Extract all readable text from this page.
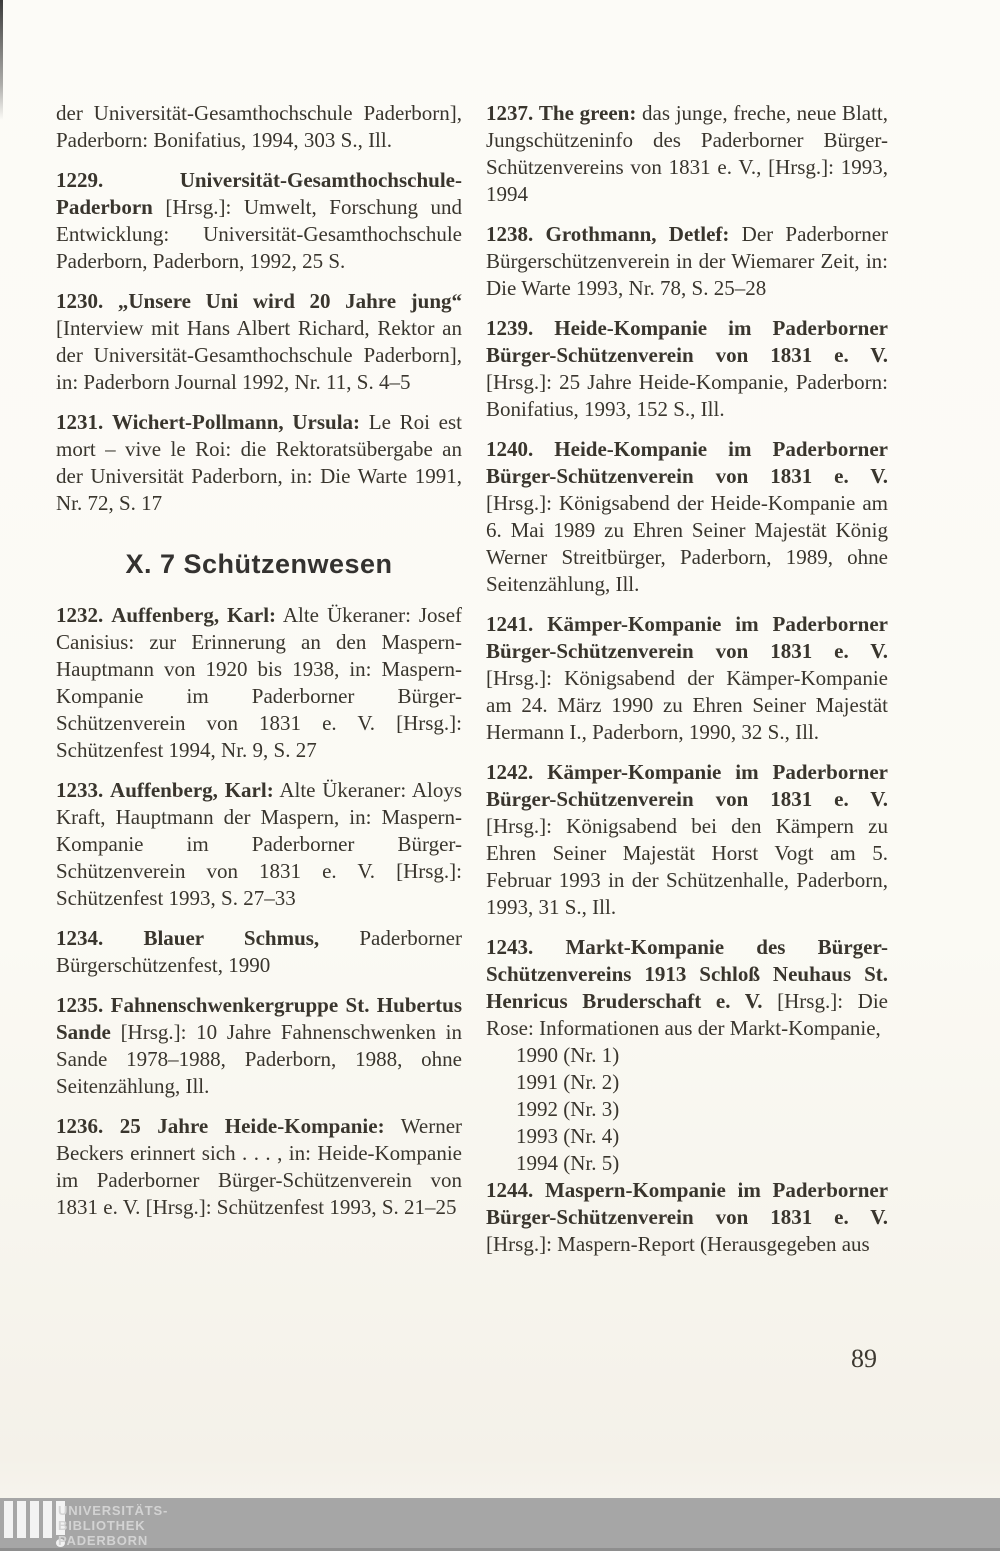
der Universität-Gesamthochschule Paderborn], Paderborn: Bonifatius, 1994, 303 S., Ill.

1229.	Universität-Gesamthochschule-Paderborn [Hrsg.]: Umwelt, Forschung und Entwicklung: Universität-Gesamthochschule Paderborn, Paderborn, 1992, 25 S.

1230. „Unsere Uni wird 20 Jahre jung“ [Interview mit Hans Albert Richard, Rektor an der Universität-Gesamthochschule Paderborn], in: Paderborn Journal 1992, Nr. 11, S. 4–5

1231. Wichert-Pollmann, Ursula: Le Roi est mort – vive le Roi: die Rektoratsübergabe an der Universität Paderborn, in: Die Warte 1991, Nr. 72, S. 17

X. 7 Schützenwesen

1232. Auffenberg, Karl: Alte Ükeraner: Josef Canisius: zur Erinnerung an den Maspern-Hauptmann von 1920 bis 1938, in: Maspern-Kompanie im Paderborner Bürger-Schützenverein von 1831 e. V. [Hrsg.]: Schützenfest 1994, Nr. 9, S. 27

1233. Auffenberg, Karl: Alte Ükeraner: Aloys Kraft, Hauptmann der Maspern, in: Maspern-Kompanie im Paderborner Bürger-Schützenverein von 1831 e. V. [Hrsg.]: Schützenfest 1993, S. 27–33

1234. Blauer Schmus, Paderborner Bürgerschützenfest, 1990

1235. Fahnenschwenkergruppe St. Hubertus Sande [Hrsg.]: 10 Jahre Fahnenschwenken in Sande 1978–1988, Paderborn, 1988, ohne Seitenzählung, Ill.

1236. 25 Jahre Heide-Kompanie: Werner Beckers erinnert sich . . . , in: Heide-Kompanie im Paderborner Bürger-Schützenverein von 1831 e. V. [Hrsg.]: Schützenfest 1993, S. 21–25

1237. The green: das junge, freche, neue Blatt, Jungschützeninfo des Paderborner Bürger-Schützenvereins von 1831 e. V., [Hrsg.]: 1993, 1994

1238. Grothmann, Detlef: Der Paderborner Bürgerschützenverein in der Wiemarer Zeit, in: Die Warte 1993, Nr. 78, S. 25–28

1239. Heide-Kompanie im Paderborner Bürger-Schützenverein von 1831 e. V. [Hrsg.]: 25 Jahre Heide-Kompanie, Paderborn: Bonifatius, 1993, 152 S., Ill.

1240. Heide-Kompanie im Paderborner Bürger-Schützenverein von 1831 e. V. [Hrsg.]: Königsabend der Heide-Kompanie am 6. Mai 1989 zu Ehren Seiner Majestät König Werner Streitbürger, Paderborn, 1989, ohne Seitenzählung, Ill.

1241. Kämper-Kompanie im Paderborner Bürger-Schützenverein von 1831 e. V. [Hrsg.]: Königsabend der Kämper-Kompanie am 24. März 1990 zu Ehren Seiner Majestät Hermann I., Paderborn, 1990, 32 S., Ill.

1242. Kämper-Kompanie im Paderborner Bürger-Schützenverein von 1831 e. V. [Hrsg.]: Königsabend bei den Kämpern zu Ehren Seiner Majestät Horst Vogt am 5. Februar 1993 in der Schützenhalle, Paderborn, 1993, 31 S., Ill.

1243. Markt-Kompanie des Bürger-Schützenvereins 1913 Schloß Neuhaus St. Henricus Bruderschaft e. V. [Hrsg.]: Die Rose: Informationen aus der Markt-Kompanie,

1990 (Nr. 1)
1991 (Nr. 2)
1992 (Nr. 3)
1993 (Nr. 4)
1994 (Nr. 5)

1244. Maspern-Kompanie im Paderborner Bürger-Schützenverein von 1831 e. V. [Hrsg.]: Maspern-Report (Herausgegeben aus

89
UNIVERSITÄTS-
BIBLIOTHEK
PADERBORN
